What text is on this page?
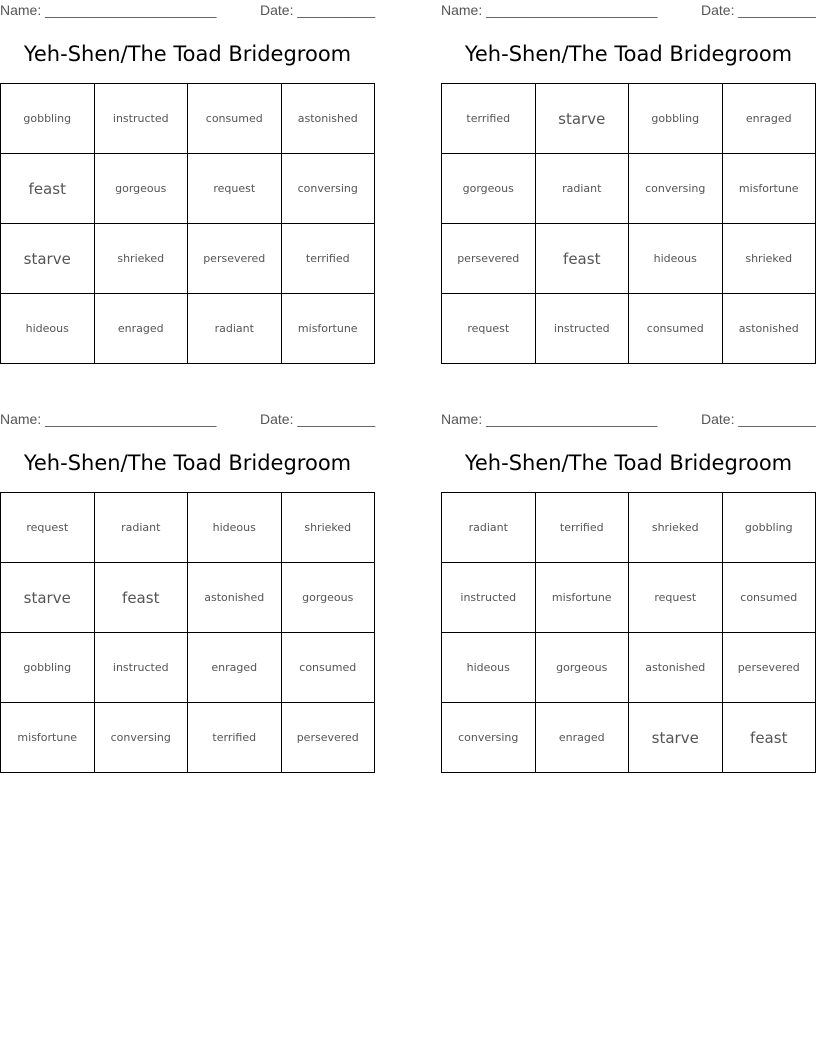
Name: ______________________	Date: __________
Yeh-Shen/The Toad Bridegroom
gobbling	instructed	consumed	astonished
feast	gorgeous	request	conversing
starve	shrieked	persevered	terrified
hideous	enraged	radiant	misfortune
Name: ______________________	Date: __________
Yeh-Shen/The Toad Bridegroom
terrified	starve	gobbling	enraged
gorgeous	radiant	conversing	misfortune
persevered	feast	hideous	shrieked
request	instructed	consumed	astonished
Name: ______________________	Date: __________
Yeh-Shen/The Toad Bridegroom
request	radiant	hideous	shrieked
starve	feast	astonished	gorgeous
gobbling	instructed	enraged	consumed
misfortune	conversing	terrified	persevered
Name: ______________________	Date: __________
Yeh-Shen/The Toad Bridegroom
radiant	terrified	shrieked	gobbling
instructed	misfortune	request	consumed
hideous	gorgeous	astonished	persevered
conversing	enraged	starve	feast
